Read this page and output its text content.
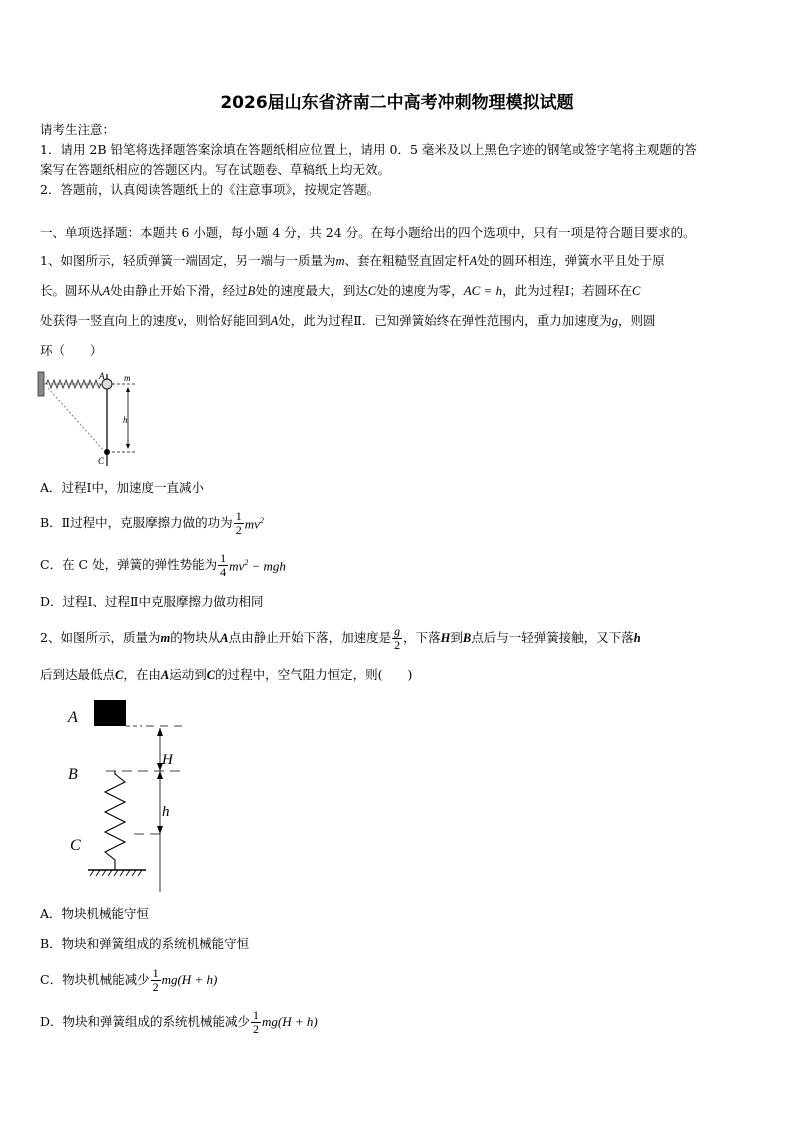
2026届山东省济南二中高考冲刺物理模拟试题
请考生注意：
1．请用 2B 铅笔将选择题答案涂填在答题纸相应位置上，请用 0．5 毫米及以上黑色字迹的钢笔或签字笔将主观题的答
案写在答题纸相应的答题区内。写在试题卷、草稿纸上均无效。
2．答题前，认真阅读答题纸上的《注意事项》，按规定答题。
一、单项选择题：本题共 6 小题，每小题 4 分，共 24 分。在每小题给出的四个选项中，只有一项是符合题目要求的。
1、如图所示，轻质弹簧一端固定，另一端与一质量为m、套在粗糙竖直固定杆A处的圆环相连，弹簧水平且处于原
长。圆环从A处由静止开始下滑，经过B处的速度最大，到达C处的速度为零，AC = h，此为过程Ⅰ；若圆环在C
处获得一竖直向上的速度v，则恰好能回到A处，此为过程Ⅱ．已知弹簧始终在弹性范围内，重力加速度为g，则圆
环（　　）
A m
h
C
A．过程Ⅰ中，加速度一直减小
B．Ⅱ过程中，克服摩擦力做的功为 $\frac{1}{2} mv^2$
C．在 C 处，弹簧的弹性势能为 $\frac{1}{4} mv^2$ − mgh
D．过程Ⅰ、过程Ⅱ中克服摩擦力做功相同
2、如图所示，质量为 m 的物块从 A 点由静止开始下落，加速度是 $\frac{g}{2}$ ，下落 H 到 B 点后与一轻弹簧接触，又下落 h
后到达最低点C，在由A运动到C的过程中，空气阻力恒定，则(　　)
A
B
C
H
h
A．物块机械能守恒
B．物块和弹簧组成的系统机械能守恒
C．物块机械能减少 $\frac{1}{2} mg(H + h)$
D．物块和弹簧组成的系统机械能减少 $\frac{1}{2} mg(H + h)$
